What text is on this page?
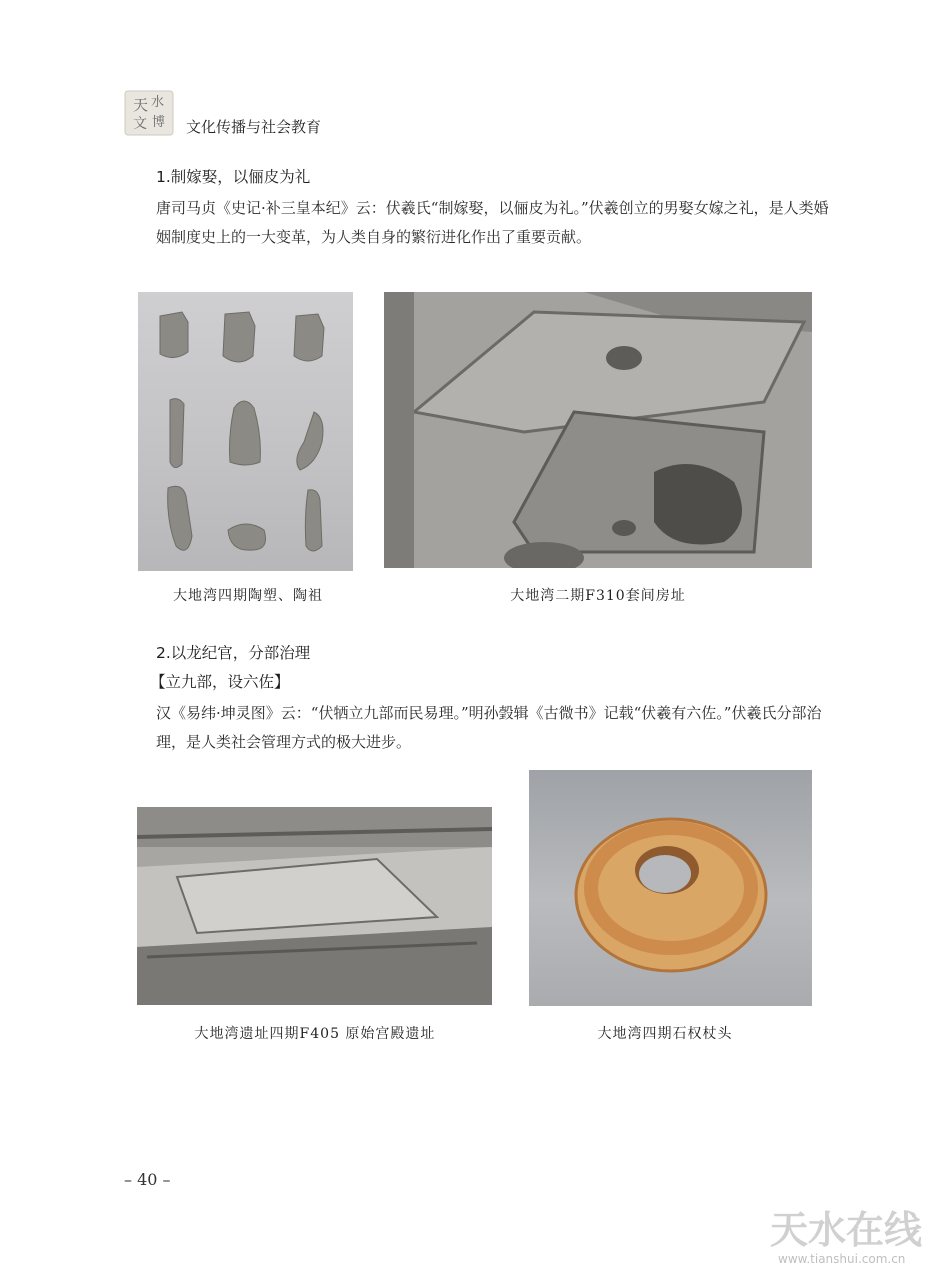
天 水
文 博 文化传播与社会教育
1.制嫁娶，以俪皮为礼
唐司马贞《史记·补三皇本纪》云：伏羲氏“制嫁娶，以俪皮为礼。”伏羲创立的男娶女嫁之礼，是人类婚姻制度史上的一大变革，为人类自身的繁衍进化作出了重要贡献。
大地湾四期陶塑、陶祖	大地湾二期F310套间房址
2.以龙纪官，分部治理
【立九部，设六佐】
汉《易纬·坤灵图》云：“伏牺立九部而民易理。”明孙瑴辑《古微书》记载“伏羲有六佐。”伏羲氏分部治理，是人类社会管理方式的极大进步。
大地湾遗址四期F405 原始宫殿遗址	大地湾四期石权杖头
– 40 –
天水在线
www.tianshui.com.cn
